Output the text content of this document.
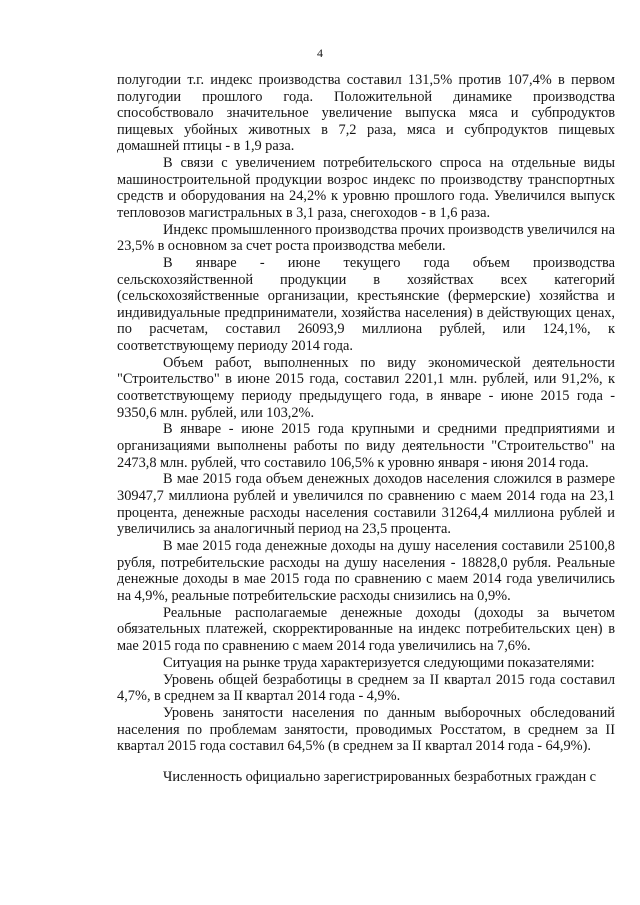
4

полугодии т.г. индекс производства составил 131,5% против 107,4% в первом полугодии прошлого года. Положительной динамике производства способствовало значительное увеличение выпуска мяса и субпродуктов пищевых убойных животных в 7,2 раза, мяса и субпродуктов пищевых домашней птицы - в 1,9 раза.

В связи с увеличением потребительского спроса на отдельные виды машиностроительной продукции возрос индекс по производству транспортных средств и оборудования на 24,2% к уровню прошлого года. Увеличился выпуск тепловозов магистральных в 3,1 раза, снегоходов - в 1,6 раза.

Индекс промышленного производства прочих производств увеличился на 23,5% в основном за счет роста производства мебели.

В январе - июне текущего года объем производства сельскохозяйственной продукции в хозяйствах всех категорий (сельскохозяйственные организации, крестьянские (фермерские) хозяйства и индивидуальные предприниматели, хозяйства населения) в действующих ценах, по расчетам, составил 26093,9 миллиона рублей, или 124,1%, к соответствующему периоду 2014 года.

Объем работ, выполненных по виду экономической деятельности "Строительство" в июне 2015 года, составил 2201,1 млн. рублей, или 91,2%, к соответствующему периоду предыдущего года, в январе - июне 2015 года - 9350,6 млн. рублей, или 103,2%.

В январе - июне 2015 года крупными и средними предприятиями и организациями выполнены работы по виду деятельности "Строительство" на 2473,8 млн. рублей, что составило 106,5% к уровню января - июня 2014 года.

В мае 2015 года объем денежных доходов населения сложился в размере 30947,7 миллиона рублей и увеличился по сравнению с маем 2014 года на 23,1 процента, денежные расходы населения составили 31264,4 миллиона рублей и увеличились за аналогичный период на 23,5 процента.

В мае 2015 года денежные доходы на душу населения составили 25100,8 рубля, потребительские расходы на душу населения - 18828,0 рубля. Реальные денежные доходы в мае 2015 года по сравнению с маем 2014 года увеличились на 4,9%, реальные потребительские расходы снизились на 0,9%.

Реальные располагаемые денежные доходы (доходы за вычетом обязательных платежей, скорректированные на индекс потребительских цен) в мае 2015 года по сравнению с маем 2014 года увеличились на 7,6%.

Ситуация на рынке труда характеризуется следующими показателями:

Уровень общей безработицы в среднем за II квартал 2015 года составил 4,7%, в среднем за II квартал 2014 года - 4,9%.

Уровень занятости населения по данным выборочных обследований населения по проблемам занятости, проводимых Росстатом, в среднем за II квартал 2015 года составил 64,5% (в среднем за II квартал 2014 года - 64,9%).

Численность официально зарегистрированных безработных граждан с
